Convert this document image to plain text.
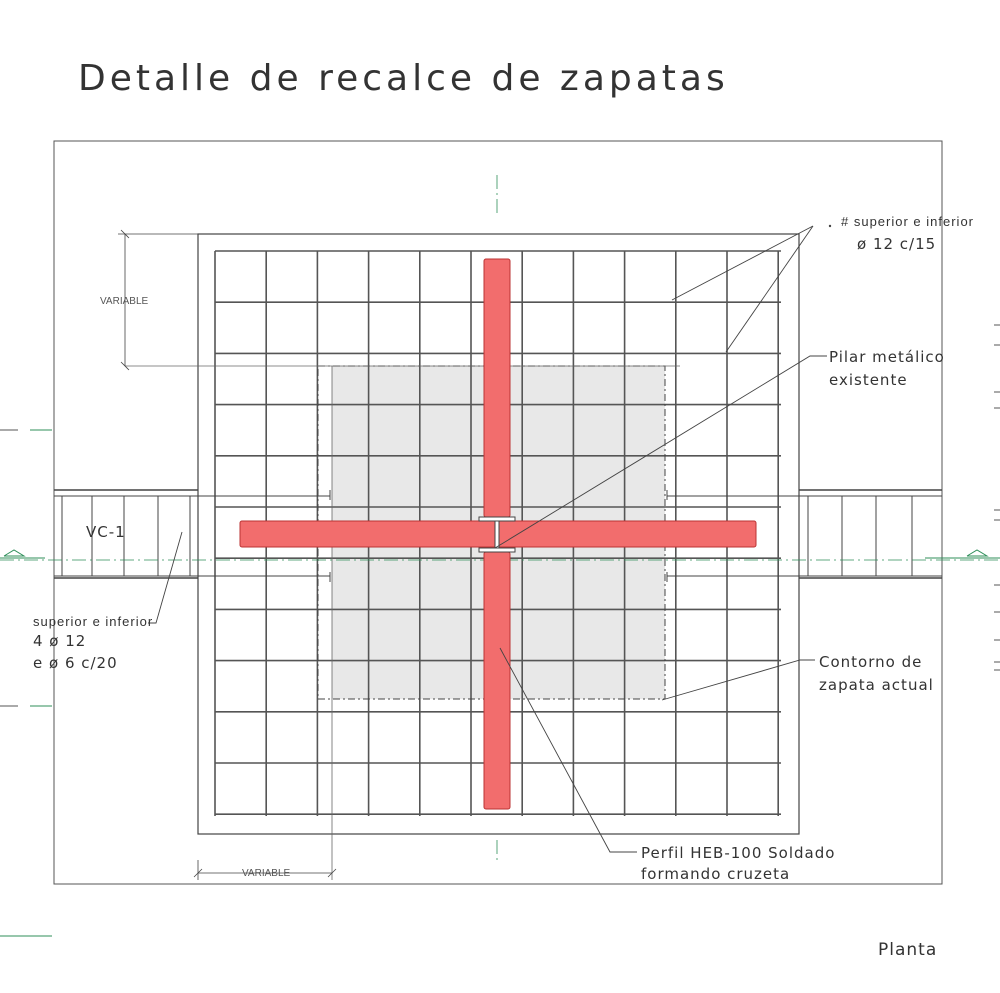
Detalle de recalce de zapatas
VARIABLE
VARIABLE
# superior e inferior
ø 12 c/15
Pilar metálico
existente
Contorno de
zapata actual
Perfil HEB-100 Soldado
formando cruzeta
VC-1
superior e inferior
4 ø 12
e ø 6 c/20
Planta
